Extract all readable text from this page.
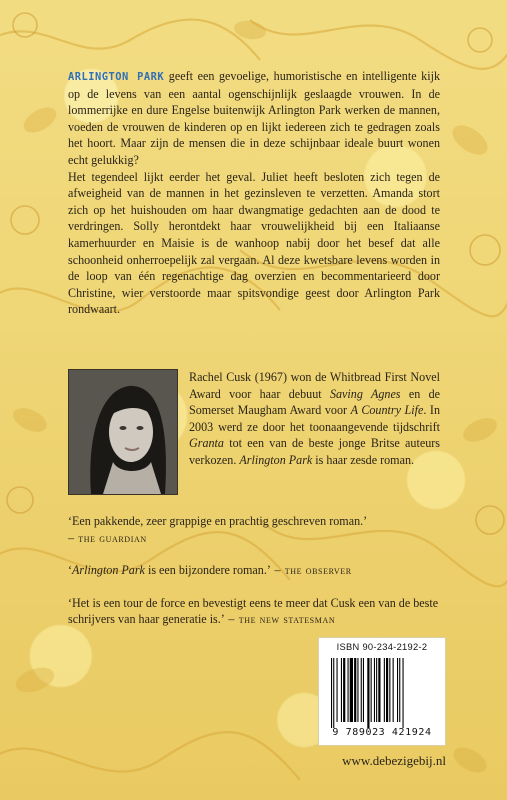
ARLINGTON PARK geeft een gevoelige, humoristische en intelligente kijk op de levens van een aantal ogenschijnlijk geslaagde vrouwen. In de lommerrijke en dure Engelse buitenwijk Arlington Park werken de mannen, voeden de vrouwen de kinderen op en lijkt iedereen zich te gedragen zoals het hoort. Maar zijn de mensen die in deze schijnbaar ideale buurt wonen echt gelukkig?

Het tegendeel lijkt eerder het geval. Juliet heeft besloten zich tegen de afweigheid van de mannen in het gezinsleven te verzetten. Amanda stort zich op het huishouden om haar dwangmatige gedachten aan de dood te verdringen. Solly herontdekt haar vrouwelijkheid bij een Italiaanse kamerhuurder en Maisie is de wanhoop nabij door het besef dat alle schoonheid onherroepelijk zal vergaan. Al deze kwetsbare levens worden in de loop van één regenachtige dag overzien en becommentarieerd door Christine, wier verstoorde maar spitsvondige geest door Arlington Park rondwaart.

Rachel Cusk (1967) won de Whitbread First Novel Award voor haar debuut Saving Agnes en de Somerset Maugham Award voor A Country Life. In 2003 werd ze door het toonaangevende tijdschrift Granta tot een van de beste jonge Britse auteurs verkozen. Arlington Park is haar zesde roman.

‘Een pakkende, zeer grappige en prachtig geschreven roman.’
– the guardian

‘Arlington Park is een bijzondere roman.’ – the observer

‘Het is een tour de force en bevestigt eens te meer dat Cusk een van de beste schrijvers van haar generatie is.’ – the new statesman

ISBN 90-234-2192-2
9 789023 421924
www.debezigebij.nl
